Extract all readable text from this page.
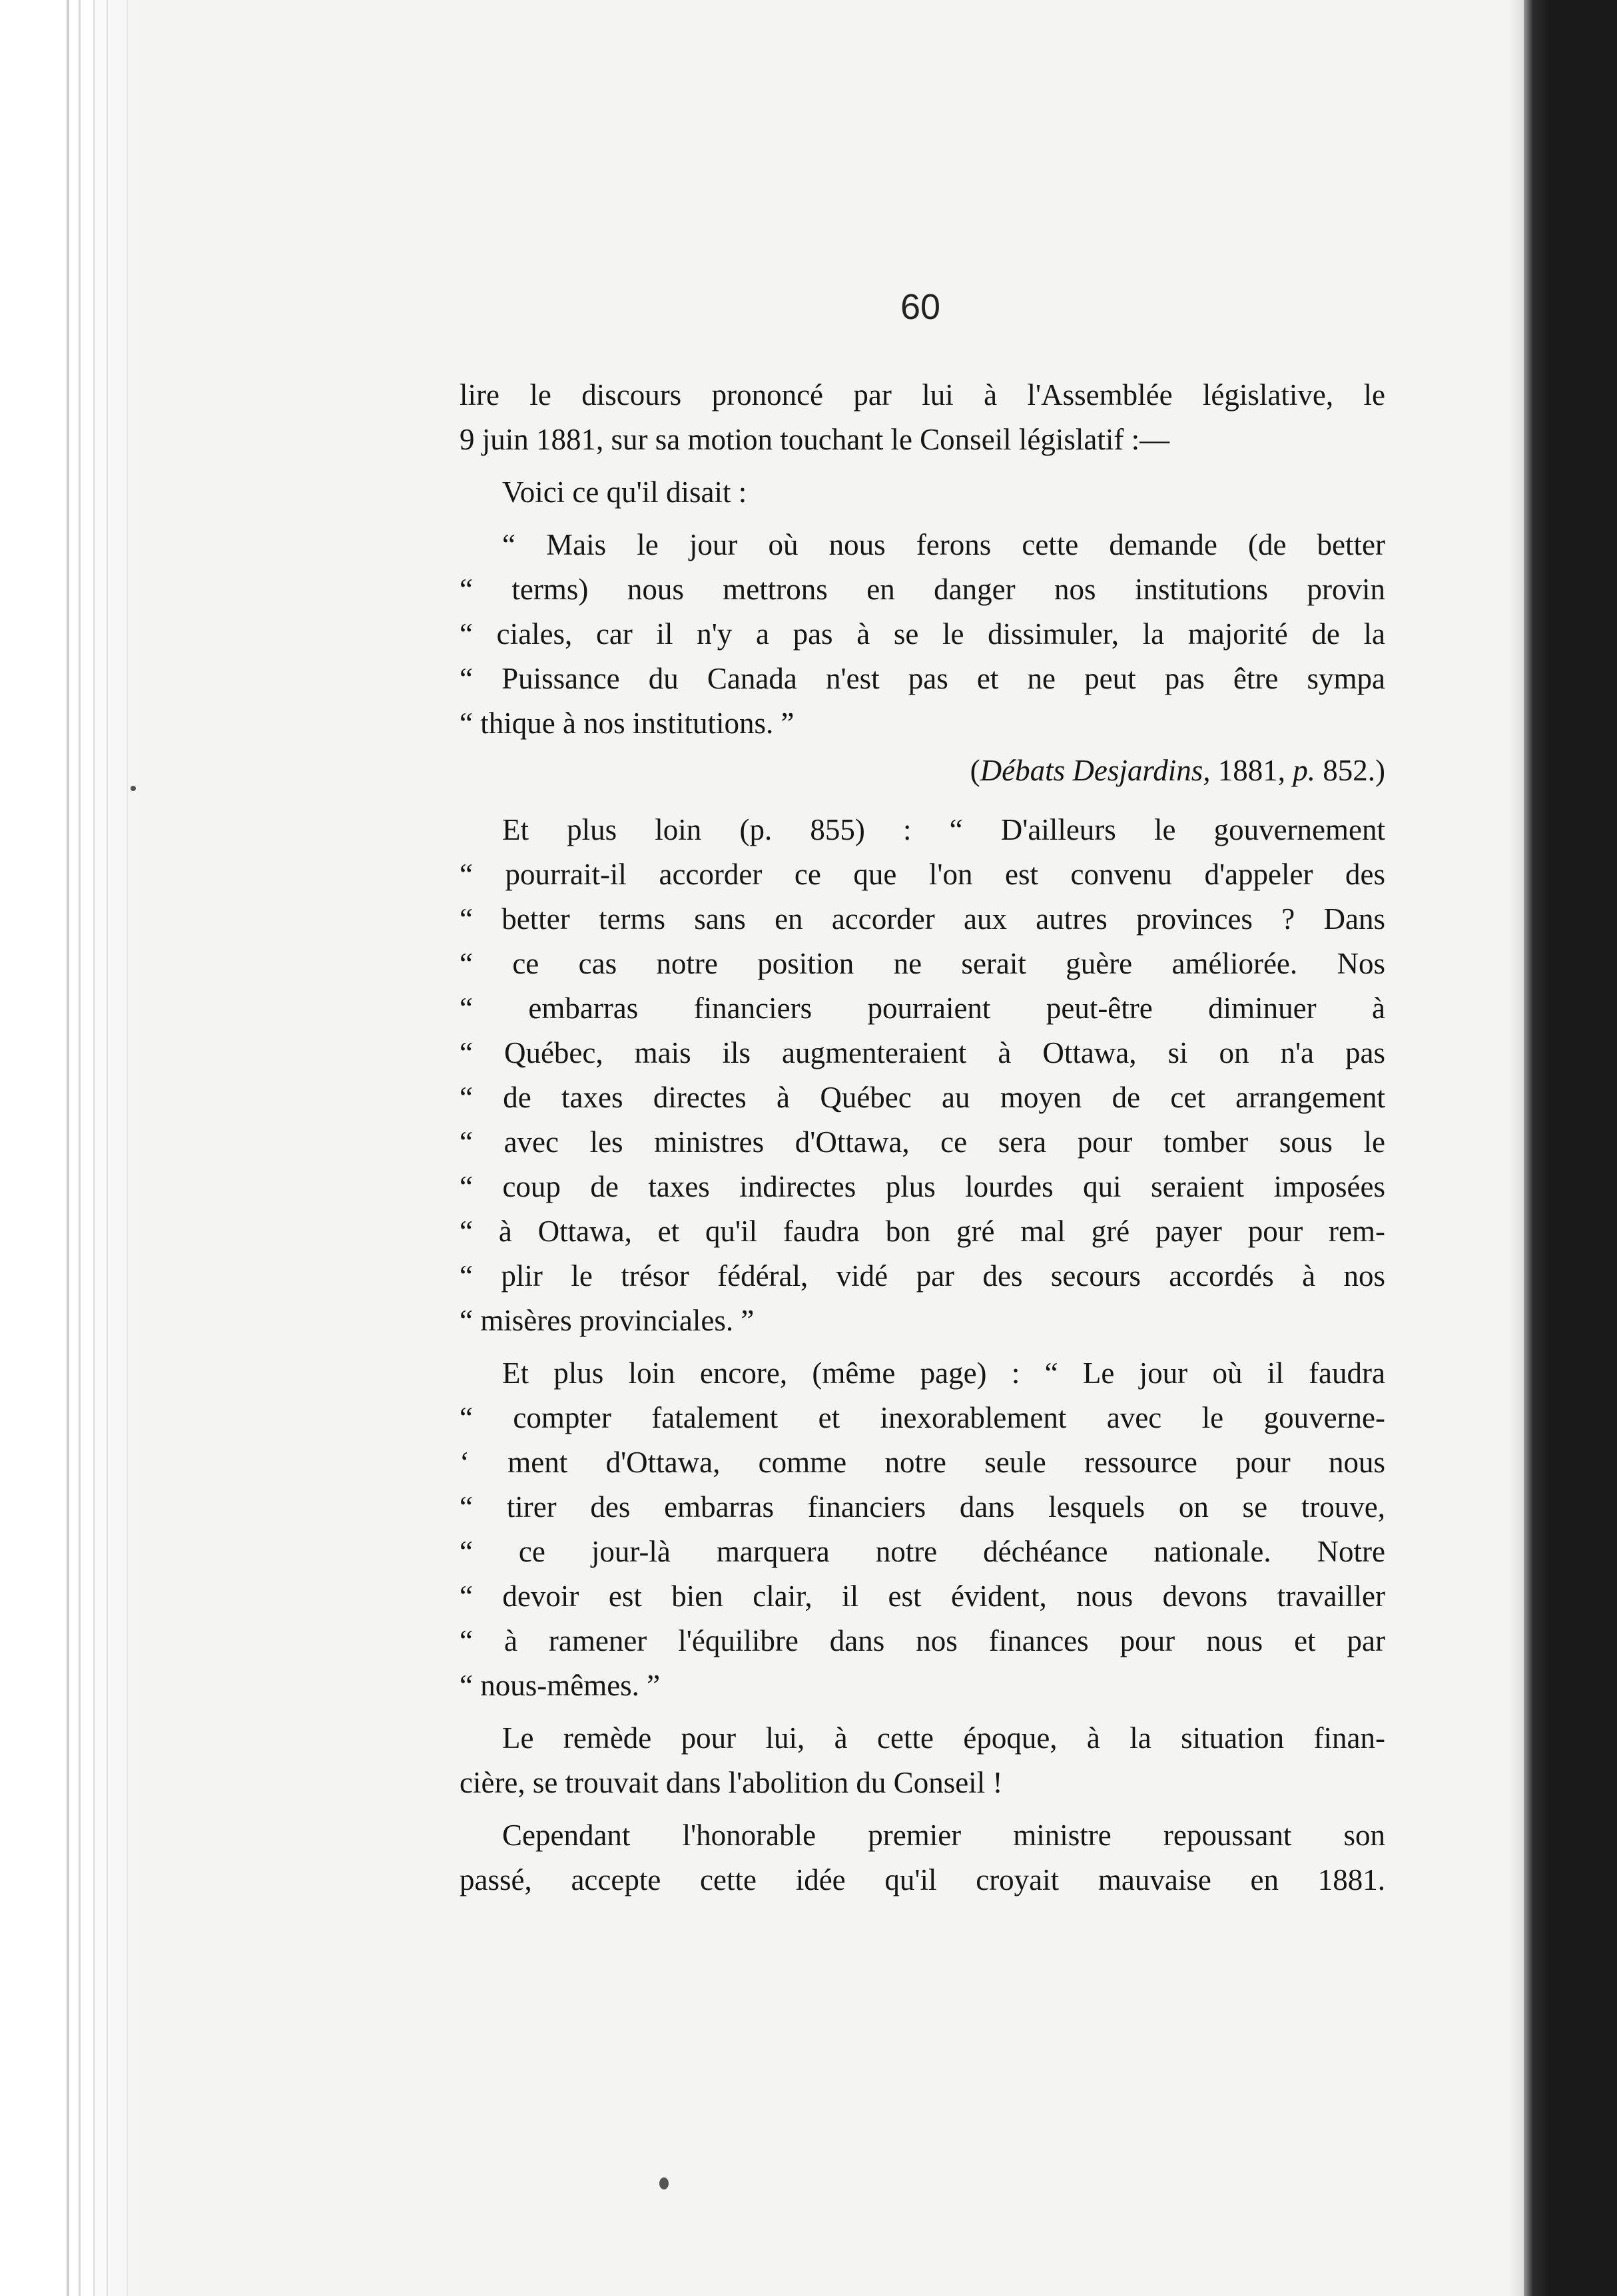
60

lire le discours prononcé par lui à l'Assemblée législative, le
9 juin 1881, sur sa motion touchant le Conseil législatif :—

Voici ce qu'il disait :

“ Mais le jour où nous ferons cette demande (de better
“ terms) nous mettrons en danger nos institutions provin
“ ciales, car il n'y a pas à se le dissimuler, la majorité de la
“ Puissance du Canada n'est pas et ne peut pas être sympa
“ thique à nos institutions. ”

(Débats Desjardins, 1881, p. 852.)

Et plus loin (p. 855) : “ D'ailleurs le gouvernement
“ pourrait-il accorder ce que l'on est convenu d'appeler des
“ better terms sans en accorder aux autres provinces ? Dans
“ ce cas notre position ne serait guère améliorée. Nos
“ embarras financiers pourraient peut-être diminuer à
“ Québec, mais ils augmenteraient à Ottawa, si on n'a pas
“ de taxes directes à Québec au moyen de cet arrangement
“ avec les ministres d'Ottawa, ce sera pour tomber sous le
“ coup de taxes indirectes plus lourdes qui seraient imposées
“ à Ottawa, et qu'il faudra bon gré mal gré payer pour rem-
“ plir le trésor fédéral, vidé par des secours accordés à nos
“ misères provinciales. ”

Et plus loin encore, (même page) : “ Le jour où il faudra
“ compter fatalement et inexorablement avec le gouverne-
‘ ment d'Ottawa, comme notre seule ressource pour nous
“ tirer des embarras financiers dans lesquels on se trouve,
“ ce jour-là marquera notre déchéance nationale. Notre
“ devoir est bien clair, il est évident, nous devons travailler
“ à ramener l'équilibre dans nos finances pour nous et par
“ nous-mêmes. ”

Le remède pour lui, à cette époque, à la situation finan-
cière, se trouvait dans l'abolition du Conseil !

Cependant l'honorable premier ministre repoussant son
passé, accepte cette idée qu'il croyait mauvaise en 1881.
